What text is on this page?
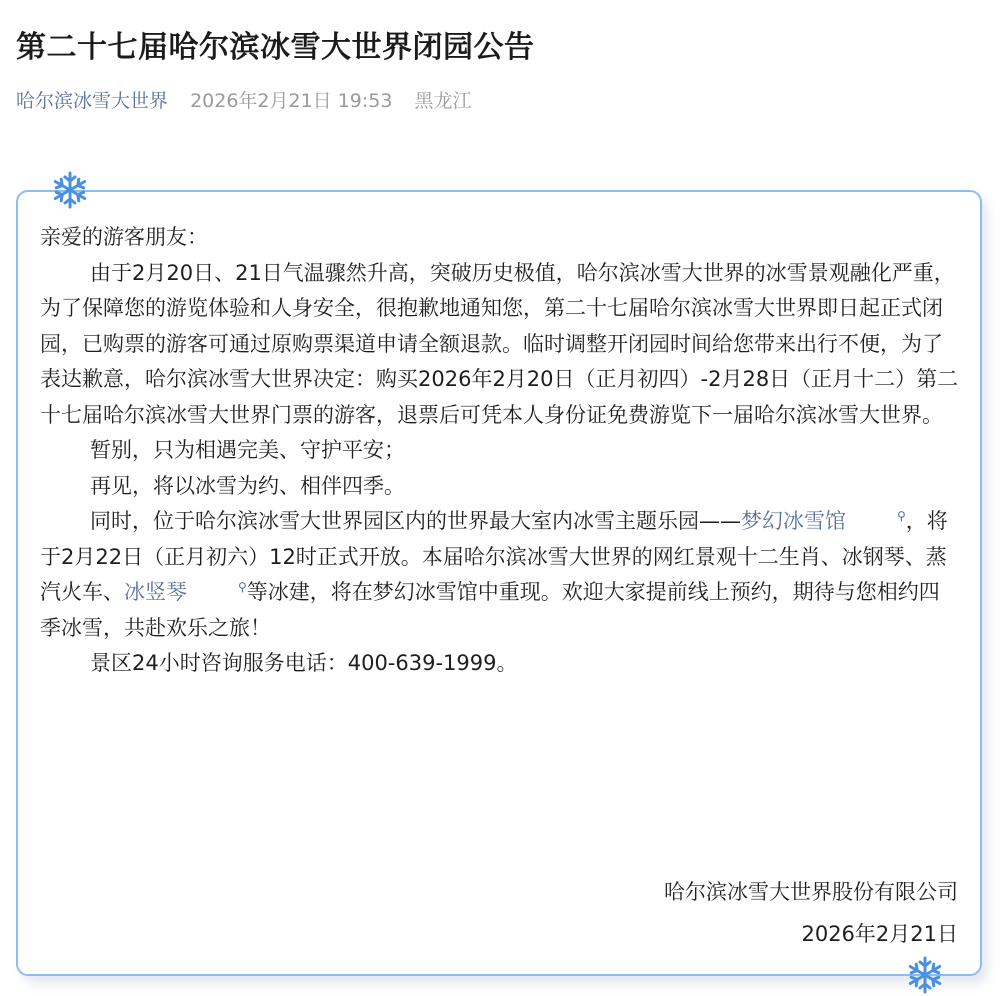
第二十七届哈尔滨冰雪大世界闭园公告
哈尔滨冰雪大世界 2026年2月21日 19:53 黑龙江

亲爱的游客朋友：

由于2月20日、21日气温骤然升高，突破历史极值，哈尔滨冰雪大世界的冰雪景观融化严重，为了保障您的游览体验和人身安全，很抱歉地通知您，第二十七届哈尔滨冰雪大世界即日起正式闭园，已购票的游客可通过原购票渠道申请全额退款。临时调整开闭园时间给您带来出行不便，为了表达歉意，哈尔滨冰雪大世界决定：购买2026年2月20日（正月初四）-2月28日（正月十二）第二十七届哈尔滨冰雪大世界门票的游客，退票后可凭本人身份证免费游览下一届哈尔滨冰雪大世界。

暂别，只为相遇完美、守护平安；

再见，将以冰雪为约、相伴四季。

同时，位于哈尔滨冰雪大世界园区内的世界最大室内冰雪主题乐园——梦幻冰雪馆	⚲，将于2月22日（正月初六）12时正式开放。本届哈尔滨冰雪大世界的网红景观十二生肖、冰钢琴、蒸汽火车、冰竖琴	⚲等冰建，将在梦幻冰雪馆中重现。欢迎大家提前线上预约，期待与您相约四季冰雪，共赴欢乐之旅！

景区24小时咨询服务电话：400-639-1999。

哈尔滨冰雪大世界股份有限公司
2026年2月21日
